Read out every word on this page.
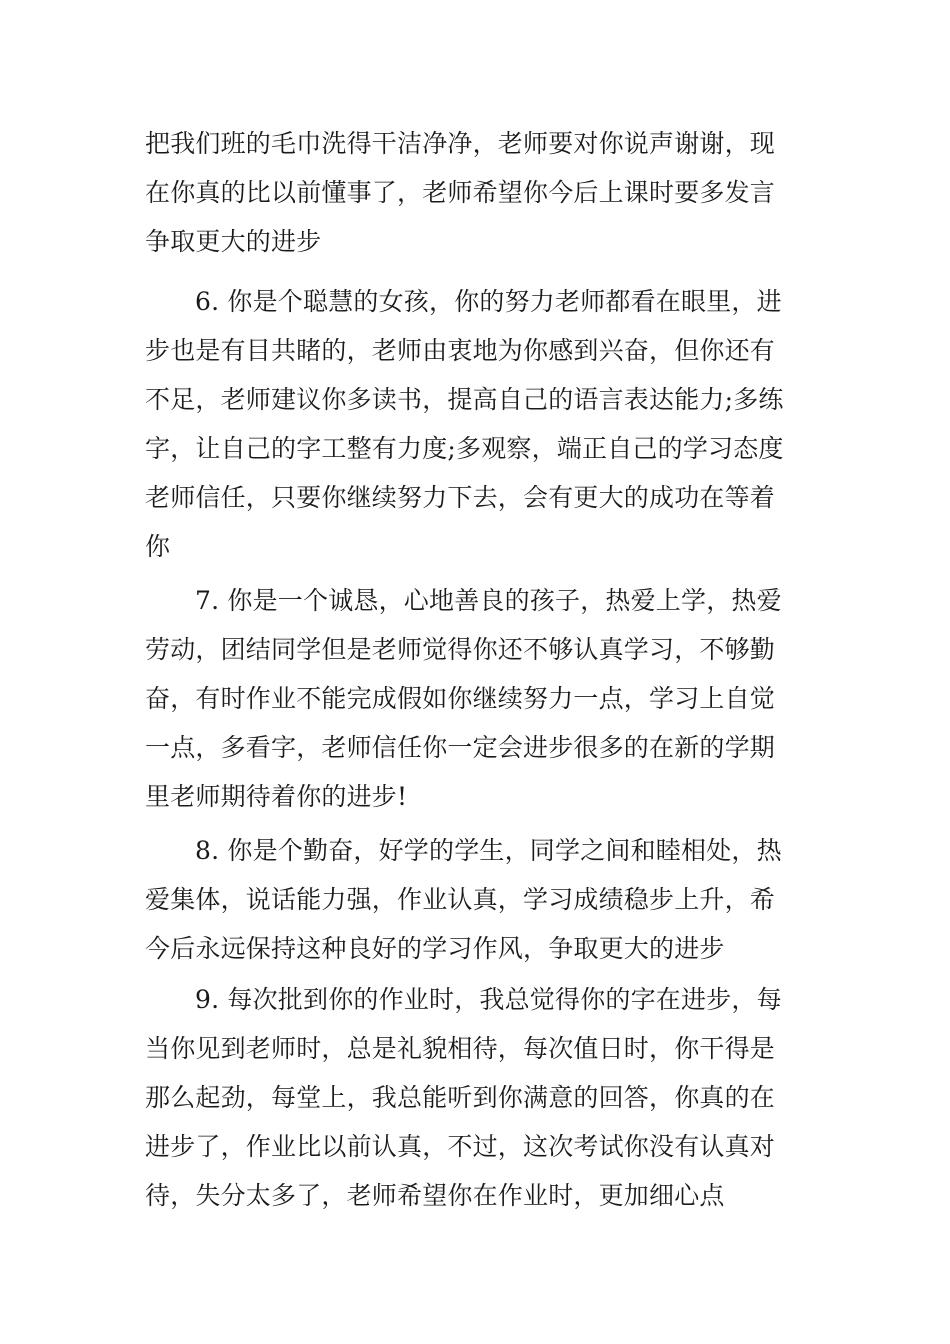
把我们班的毛巾洗得干洁净净，老师要对你说声谢谢，现
在你真的比以前懂事了，老师希望你今后上课时要多发言
争取更大的进步
6. 你是个聪慧的女孩，你的努力老师都看在眼里，进
步也是有目共睹的，老师由衷地为你感到兴奋，但你还有
不足，老师建议你多读书，提高自己的语言表达能力;多练
字，让自己的字工整有力度;多观察，端正自己的学习态度
老师信任，只要你继续努力下去，会有更大的成功在等着
你
7. 你是一个诚恳，心地善良的孩子，热爱上学，热爱
劳动，团结同学但是老师觉得你还不够认真学习，不够勤
奋，有时作业不能完成假如你继续努力一点，学习上自觉
一点，多看字，老师信任你一定会进步很多的在新的学期
里老师期待着你的进步!
8. 你是个勤奋，好学的学生，同学之间和睦相处，热
爱集体，说话能力强，作业认真，学习成绩稳步上升，希
今后永远保持这种良好的学习作风，争取更大的进步
9. 每次批到你的作业时，我总觉得你的字在进步，每
当你见到老师时，总是礼貌相待，每次值日时，你干得是
那么起劲，每堂上，我总能听到你满意的回答，你真的在
进步了，作业比以前认真，不过，这次考试你没有认真对
待，失分太多了，老师希望你在作业时，更加细心点
